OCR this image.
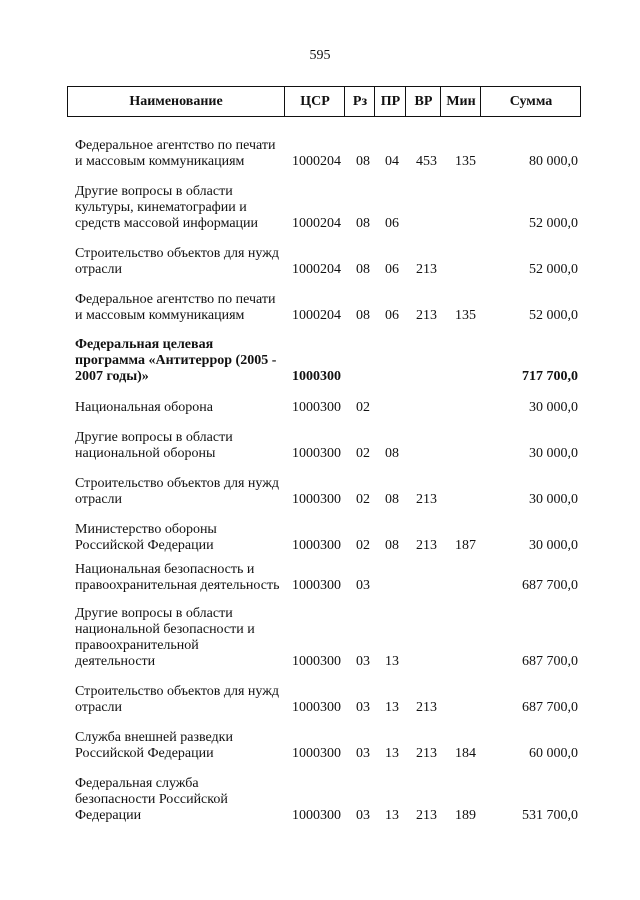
595
Наименование	ЦСР	Рз ПР	ВР Мин	Сумма
Федеральное агентство по печати
и массовым коммуникациям	1000204 08 04 453 135	80 000,0
Другие вопросы в области
культуры, кинематографии и
средств массовой информации	1000204 08 06	52 000,0
Строительство объектов для нужд
отрасли	1000204 08 06 213	52 000,0
Федеральное агентство по печати
и массовым коммуникациям	1000204 08 06 213 135	52 000,0
Федеральная целевая
программа «Антитеррор (2005 -
2007 годы)»	1000300	717 700,0
Национальная оборона	1000300 02	30 000,0
Другие вопросы в области
национальной обороны	1000300 02 08	30 000,0
Строительство объектов для нужд
отрасли	1000300 02 08 213	30 000,0
Министерство обороны
Российской Федерации	1000300 02 08 213 187	30 000,0
Национальная безопасность и
правоохранительная деятельность 1000300 03	687 700,0
Другие вопросы в области
национальной безопасности и
правоохранительной
деятельности	1000300 03 13	687 700,0
Строительство объектов для нужд
отрасли	1000300 03 13 213	687 700,0
Служба внешней разведки
Российской Федерации	1000300 03 13 213 184	60 000,0
Федеральная служба
безопасности Российской
Федерации	1000300 03 13 213 189	531 700,0
